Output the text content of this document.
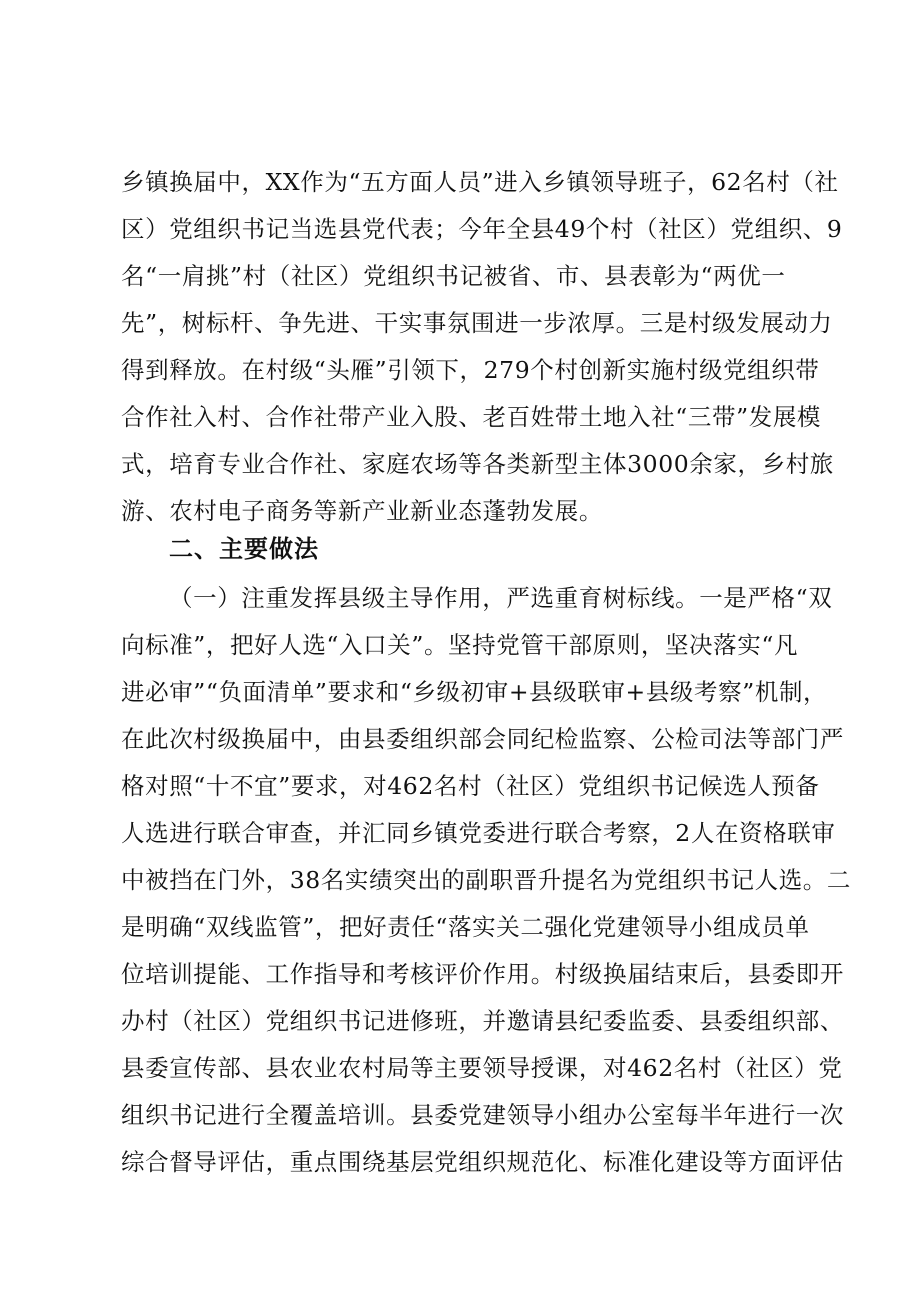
乡镇换届中，XX作为“五方面人员”进入乡镇领导班子，62名村（社
区）党组织书记当选县党代表；今年全县49个村（社区）党组织、9
名“一肩挑”村（社区）党组织书记被省、市、县表彰为“两优一
先”，树标杆、争先进、干实事氛围进一步浓厚。三是村级发展动力
得到释放。在村级“头雁”引领下，279个村创新实施村级党组织带
合作社入村、合作社带产业入股、老百姓带土地入社“三带”发展模
式，培育专业合作社、家庭农场等各类新型主体3000余家，乡村旅
游、农村电子商务等新产业新业态蓬勃发展。
二、主要做法
（一）注重发挥县级主导作用，严选重育树标线。一是严格“双
向标准”，把好人选“入口关”。坚持党管干部原则，坚决落实“凡
进必审”“负面清单”要求和“乡级初审+县级联审+县级考察”机制，
在此次村级换届中，由县委组织部会同纪检监察、公检司法等部门严
格对照“十不宜”要求，对462名村（社区）党组织书记候选人预备
人选进行联合审查，并汇同乡镇党委进行联合考察，2人在资格联审
中被挡在门外，38名实绩突出的副职晋升提名为党组织书记人选。二
是明确“双线监管”，把好责任“落实关二强化党建领导小组成员单
位培训提能、工作指导和考核评价作用。村级换届结束后，县委即开
办村（社区）党组织书记进修班，并邀请县纪委监委、县委组织部、
县委宣传部、县农业农村局等主要领导授课，对462名村（社区）党
组织书记进行全覆盖培训。县委党建领导小组办公室每半年进行一次
综合督导评估，重点围绕基层党组织规范化、标准化建设等方面评估
